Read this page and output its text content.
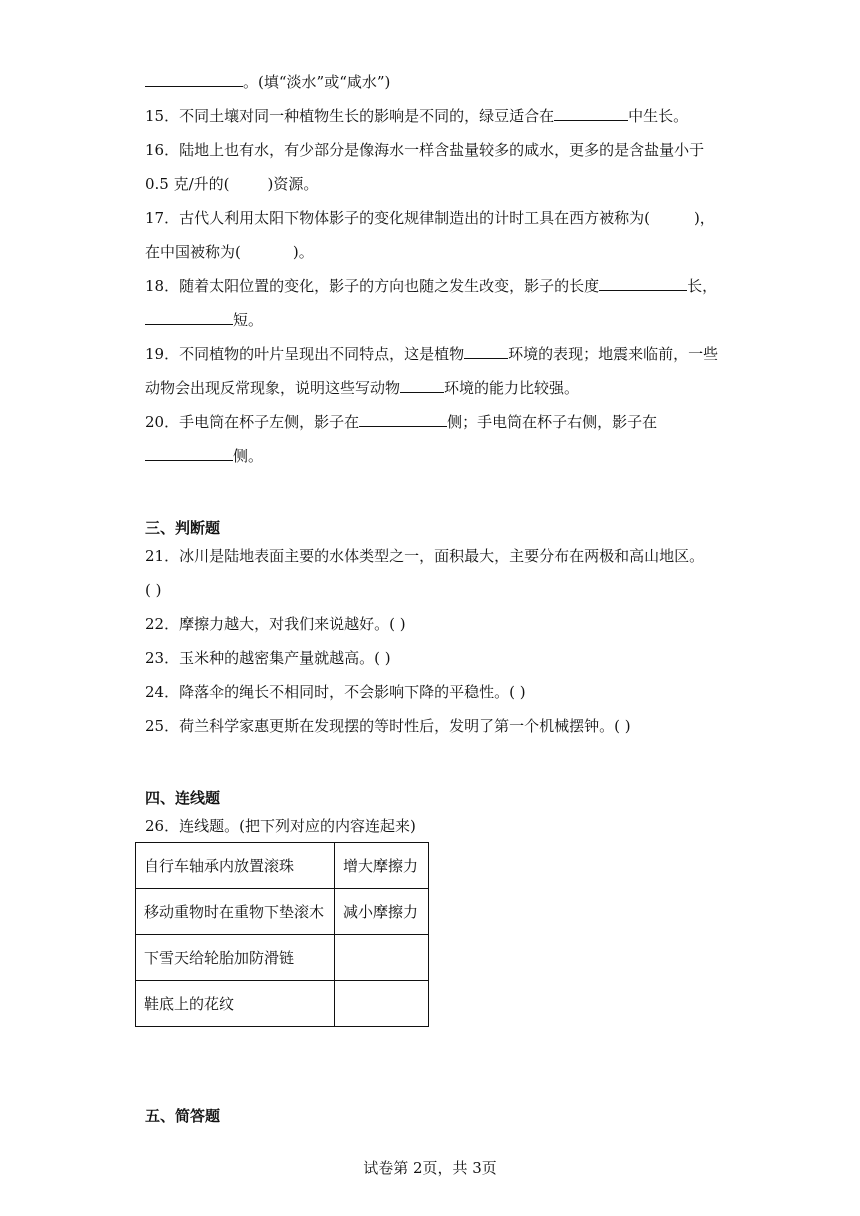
。(填“淡水”或“咸水”)
15．不同土壤对同一种植物生长的影响是不同的，绿豆适合在	中生长。
16．陆地上也有水，有少部分是像海水一样含盐量较多的咸水，更多的是含盐量小于
0.5 克/升的(	)资源。
17．古代人利用太阳下物体影子的变化规律制造出的计时工具在西方被称为(	)，
在中国被称为(	)。
18．随着太阳位置的变化，影子的方向也随之发生改变，影子的长度	长，
短。
19．不同植物的叶片呈现出不同特点，这是植物	环境的表现；地震来临前，一些
动物会出现反常现象，说明这些写动物	环境的能力比较强。
20．手电筒在杯子左侧，影子在	侧；手电筒在杯子右侧，影子在
侧。
三、判断题
21．冰川是陆地表面主要的水体类型之一，面积最大，主要分布在两极和高山地区。
( )
22．摩擦力越大，对我们来说越好。( )
23．玉米种的越密集产量就越高。( )
24．降落伞的绳长不相同时，不会影响下降的平稳性。( )
25．荷兰科学家惠更斯在发现摆的等时性后，发明了第一个机械摆钟。( )
四、连线题
26．连线题。(把下列对应的内容连起来)
自行车轴承内放置滚珠	增大摩擦力
移动重物时在重物下垫滚木	减小摩擦力
下雪天给轮胎加防滑链	
鞋底上的花纹	
五、简答题
试卷第 2页，共 3页
